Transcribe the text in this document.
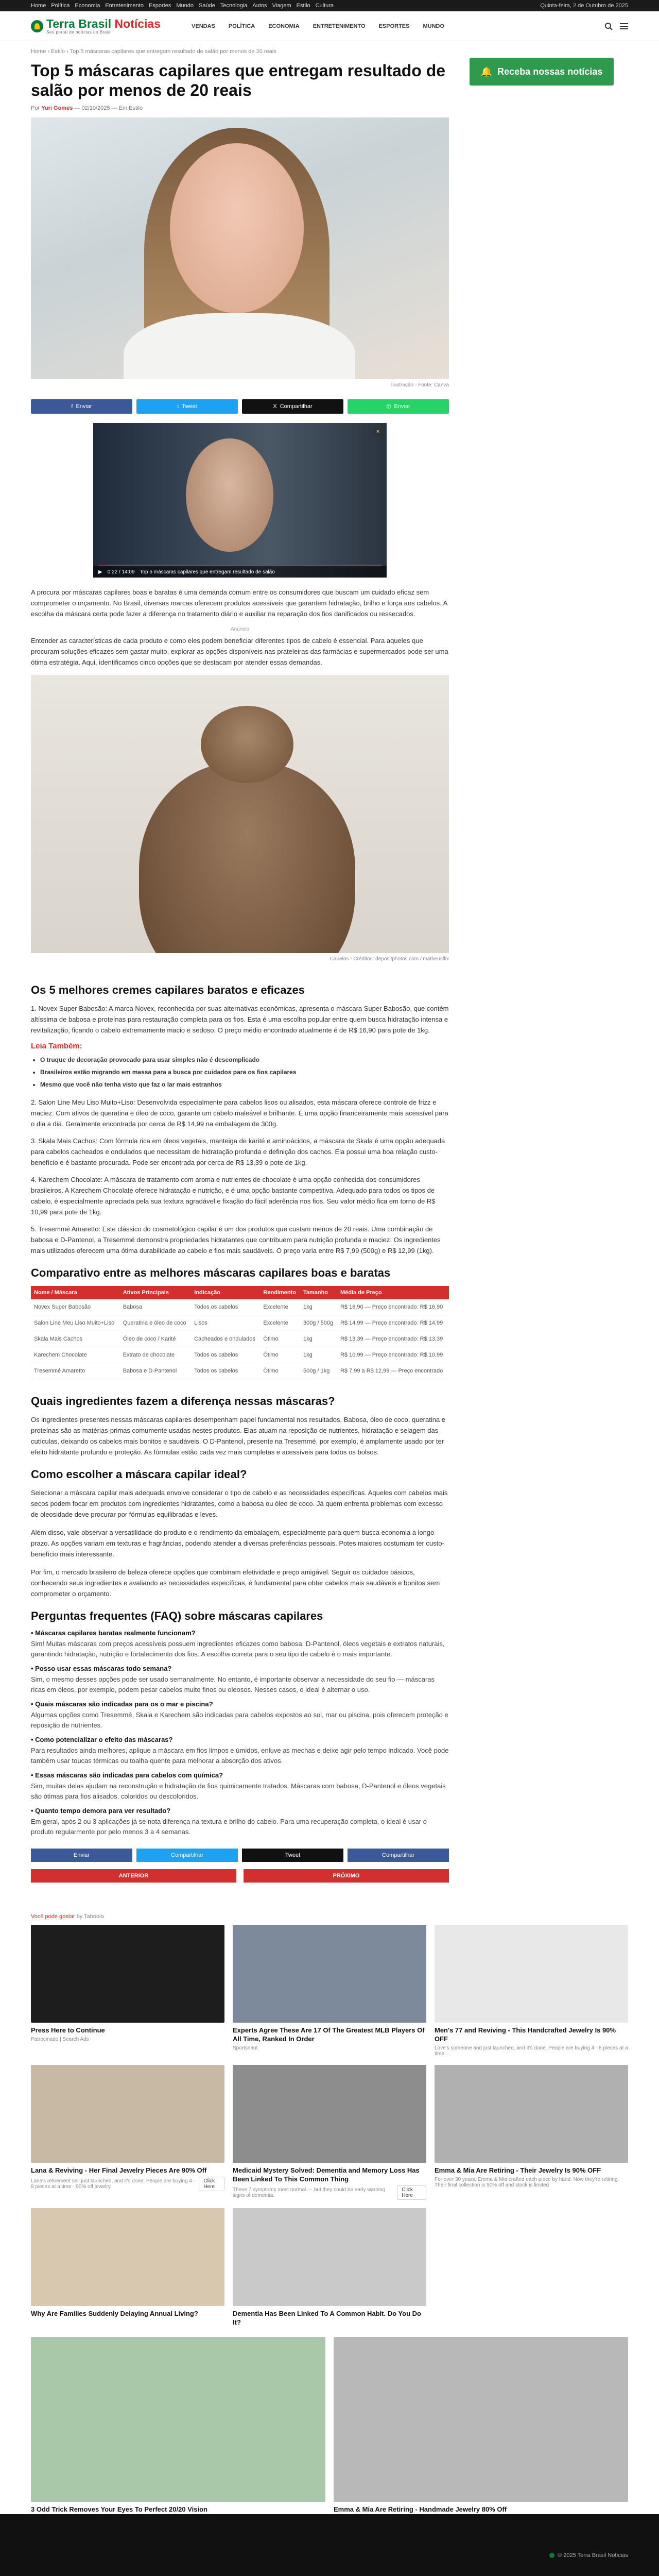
Home Política Economia Entretenimento Esportes Mundo Saúde Tecnologia Autos Viagem Estilo Cultura	Quinta-feira, 2 de Outubro de 2025
Terra Brasil Notícias
Seu portal de notícias do Brasil
VENDAS POLÍTICA ECONOMIA ENTRETENIMENTO ESPORTES MUNDO
Home › Estilo › Top 5 máscaras capilares que entregam resultado de salão por menos de 20 reais
Top 5 máscaras capilares que entregam resultado de salão por menos de 20 reais
Por Yuri Gomes — 02/10/2025 — Em Estilo
Ilustração - Fonte: Canva
f Enviar	t Tweet	X Compartilhar	✆ Enviar
×
▶ 0:22 / 14:09 Top 5 máscaras capilares que entregam resultado de salão

A procura por máscaras capilares boas e baratas é uma demanda comum entre os consumidores que buscam um cuidado eficaz sem comprometer o orçamento. No Brasil, diversas marcas oferecem produtos acessíveis que garantem hidratação, brilho e força aos cabelos. A escolha da máscara certa pode fazer a diferença no tratamento diário e auxiliar na reparação dos fios danificados ou ressecados.

Anúncio

Entender as características de cada produto e como eles podem beneficiar diferentes tipos de cabelo é essencial. Para aqueles que procuram soluções eficazes sem gastar muito, explorar as opções disponíveis nas prateleiras das farmácias e supermercados pode ser uma ótima estratégia. Aqui, identificamos cinco opções que se destacam por atender essas demandas.

Cabelos - Créditos: depositphotos.com / matheusflix
Os 5 melhores cremes capilares baratos e eficazes
1. Novex Super Babosão: A marca Novex, reconhecida por suas alternativas econômicas, apresenta o máscara Super Babosão, que contém altíssima de babosa e proteínas para restauração completa para os fios. Esta é uma escolha popular entre quem busca hidratação intensa e revitalização, ficando o cabelo extremamente macio e sedoso. O preço médio encontrado atualmente é de R$ 16,90 para pote de 1kg.
Leia Também:
• O truque de decoração provocado para usar simples não é descomplicado
• Brasileiros estão migrando em massa para a busca por cuidados para os fios capilares
• Mesmo que você não tenha visto que faz o lar mais estranhos
2. Salon Line Meu Liso Muito+Liso: Desenvolvida especialmente para cabelos lisos ou alisados, esta máscara oferece controle de frizz e maciez. Com ativos de queratina e óleo de coco, garante um cabelo maleável e brilhante. É uma opção financeiramente mais acessível para o dia a dia. Geralmente encontrada por cerca de R$ 14,99 na embalagem de 300g.
3. Skala Mais Cachos: Com fórmula rica em óleos vegetais, manteiga de karité e aminoácidos, a máscara de Skala é uma opção adequada para cabelos cacheados e ondulados que necessitam de hidratação profunda e definição dos cachos. Ela possui uma boa relação custo-benefício e é bastante procurada. Pode ser encontrada por cerca de R$ 13,39 o pote de 1kg.
4. Karechem Chocolate: A máscara de tratamento com aroma e nutrientes de chocolate é uma opção conhecida dos consumidores brasileiros. A Karechem Chocolate oferece hidratação e nutrição, e é uma opção bastante competitiva. Adequado para todos os tipos de cabelo, é especialmente apreciada pela sua textura agradável e fixação do fácil aderência nos fios. Seu valor médio fica em torno de R$ 10,99 para pote de 1kg.
5. Tresemmé Amaretto: Este clássico do cosmetológico capilar é um dos produtos que custam menos de 20 reais. Uma combinação de babosa e D-Pantenol, a Tresemmé demonstra propriedades hidratantes que contribuem para nutrição profunda e maciez. Os ingredientes mais utilizados oferecem uma ótima durabilidade ao cabelo e fios mais saudáveis. O preço varia entre R$ 7,99 (500g) e R$ 12,99 (1kg).
Comparativo entre as melhores máscaras capilares boas e baratas
Nome / Máscara	Ativos Principais	Indicação	Rendimento	Tamanho	Média de Preço
Novex Super Babosão	Babosa	Todos os cabelos	Excelente	1kg	R$ 16,90 — Preço encontrado: R$ 16,90
Salon Line Meu Liso Muito+Liso	Queratina e óleo de coco	Lisos	Excelente	300g / 500g	R$ 14,99 — Preço encontrado: R$ 14,99
Skala Mais Cachos	Óleo de coco / Karité	Cacheados e ondulados	Ótimo	1kg	R$ 13,39 — Preço encontrado: R$ 13,39
Karechem Chocolate	Extrato de chocolate	Todos os cabelos	Ótimo	1kg	R$ 10,99 — Preço encontrado: R$ 10,99
Tresemmé Amaretto	Babosa e D-Pantenol	Todos os cabelos	Ótimo	500g / 1kg	R$ 7,99 a R$ 12,99 — Preço encontrado
Quais ingredientes fazem a diferença nessas máscaras?

Os ingredientes presentes nessas máscaras capilares desempenham papel fundamental nos resultados. Babosa, óleo de coco, queratina e proteínas são as matérias-primas comumente usadas nestes produtos. Elas atuam na reposição de nutrientes, hidratação e selagem das cutículas, deixando os cabelos mais bonitos e saudáveis. O D-Pantenol, presente na Tresemmé, por exemplo, é amplamente usado por ter efeito hidratante profundo e proteção. As fórmulas estão cada vez mais completas e acessíveis para todos os bolsos.

Como escolher a máscara capilar ideal?

Selecionar a máscara capilar mais adequada envolve considerar o tipo de cabelo e as necessidades específicas. Aqueles com cabelos mais secos podem focar em produtos com ingredientes hidratantes, como a babosa ou óleo de coco. Já quem enfrenta problemas com excesso de oleosidade deve procurar por fórmulas equilibradas e leves.

Além disso, vale observar a versatilidade do produto e o rendimento da embalagem, especialmente para quem busca economia a longo prazo. As opções variam em texturas e fragrâncias, podendo atender a diversas preferências pessoais. Potes maiores costumam ter custo-benefício mais interessante.

Por fim, o mercado brasileiro de beleza oferece opções que combinam efetividade e preço amigável. Seguir os cuidados básicos, conhecendo seus ingredientes e avaliando as necessidades específicas, é fundamental para obter cabelos mais saudáveis e bonitos sem comprometer o orçamento.

Perguntas frequentes (FAQ) sobre máscaras capilares
• Máscaras capilares baratas realmente funcionam?
Sim! Muitas máscaras com preços acessíveis possuem ingredientes eficazes como babosa, D-Pantenol, óleos vegetais e extratos naturais, garantindo hidratação, nutrição e fortalecimento dos fios. A escolha correta para o seu tipo de cabelo é o mais importante.
• Posso usar essas máscaras todo semana?
Sim, o mesmo desses opções pode ser usado semanalmente. No entanto, é importante observar a necessidade do seu fio — máscaras ricas em óleos, por exemplo, podem pesar cabelos muito finos ou oleosos. Nesses casos, o ideal é alternar o uso.
• Quais máscaras são indicadas para os o mar e piscina?
Algumas opções como Tresemmé, Skala e Karechem são indicadas para cabelos expostos ao sol, mar ou piscina, pois oferecem proteção e reposição de nutrientes.
• Como potencializar o efeito das máscaras?
Para resultados ainda melhores, aplique a máscara em fios limpos e úmidos, enluve as mechas e deixe agir pelo tempo indicado. Você pode também usar toucas térmicas ou toalha quente para melhorar a absorção dos ativos.
• Essas máscaras são indicadas para cabelos com química?
Sim, muitas delas ajudam na reconstrução e hidratação de fios quimicamente tratados. Máscaras com babosa, D-Pantenol e óleos vegetais são ótimas para fios alisados, coloridos ou descoloridos.
• Quanto tempo demora para ver resultado?
Em geral, após 2 ou 3 aplicações já se nota diferença na textura e brilho do cabelo. Para uma recuperação completa, o ideal é usar o produto regularmente por pelo menos 3 a 4 semanas.
Enviar	Compartilhar	Tweet	Compartilhar
ANTERIOR	PRÓXIMO
🔔 Receba nossas notícias
Você pode gostar by Taboola
Press Here to Continue
Patrocinado | Search Ads
Experts Agree These Are 17 Of The Greatest MLB Players Of All Time, Ranked In Order
Sportsnaut
Men's 77 and Reviving - This Handcrafted Jewelry Is 90% OFF
Love's someone and just launched, and it's done. People are buying 4 - 8 pieces at a time ...
Lana & Reviving - Her Final Jewelry Pieces Are 90% Off
Lana's retirement sell just launched, and it's done. People are buying 4 - 8 pieces at a time - 90% off jewelry
Click Here
Medicaid Mystery Solved: Dementia and Memory Loss Has Been Linked To This Common Thing
These 7 symptoms most normal — but they could be early warning signs of dementia.
Click Here
Emma & Mia Are Retiring - Their Jewelry Is 90% OFF
For over 30 years, Emma & Mia crafted each piece by hand. Now they're retiring. Their final collection is 90% off and stock is limited
Why Are Families Suddenly Delaying Annual Living?	Dementia Has Been Linked To A Common Habit. Do You Do It?
3 Odd Trick Removes Your Eyes To Perfect 20/20 Vision	Emma & Mia Are Retiring - Handmade Jewelry 80% Off
© 2025 Terra Brasil Notícias
